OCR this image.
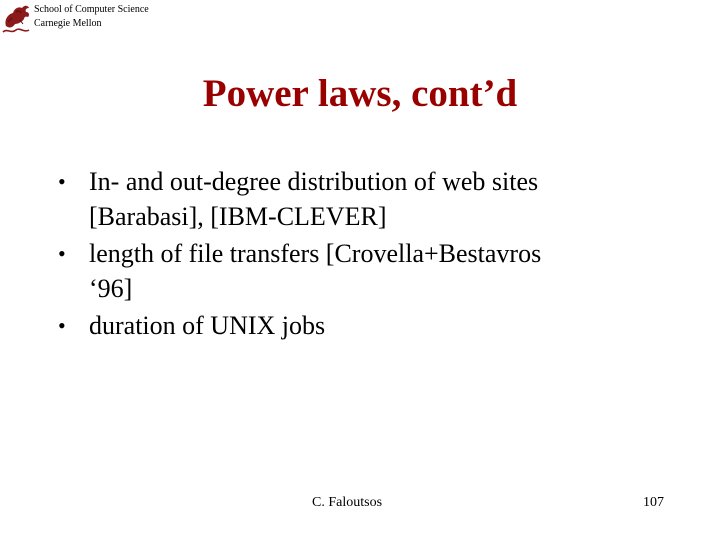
School of Computer Science
Carnegie Mellon
Power laws, cont’d
• In- and out-degree distribution of web sites
[Barabasi], [IBM-CLEVER]
• length of file transfers [Crovella+Bestavros
‘96]
• duration of UNIX jobs
C. Faloutsos	107
